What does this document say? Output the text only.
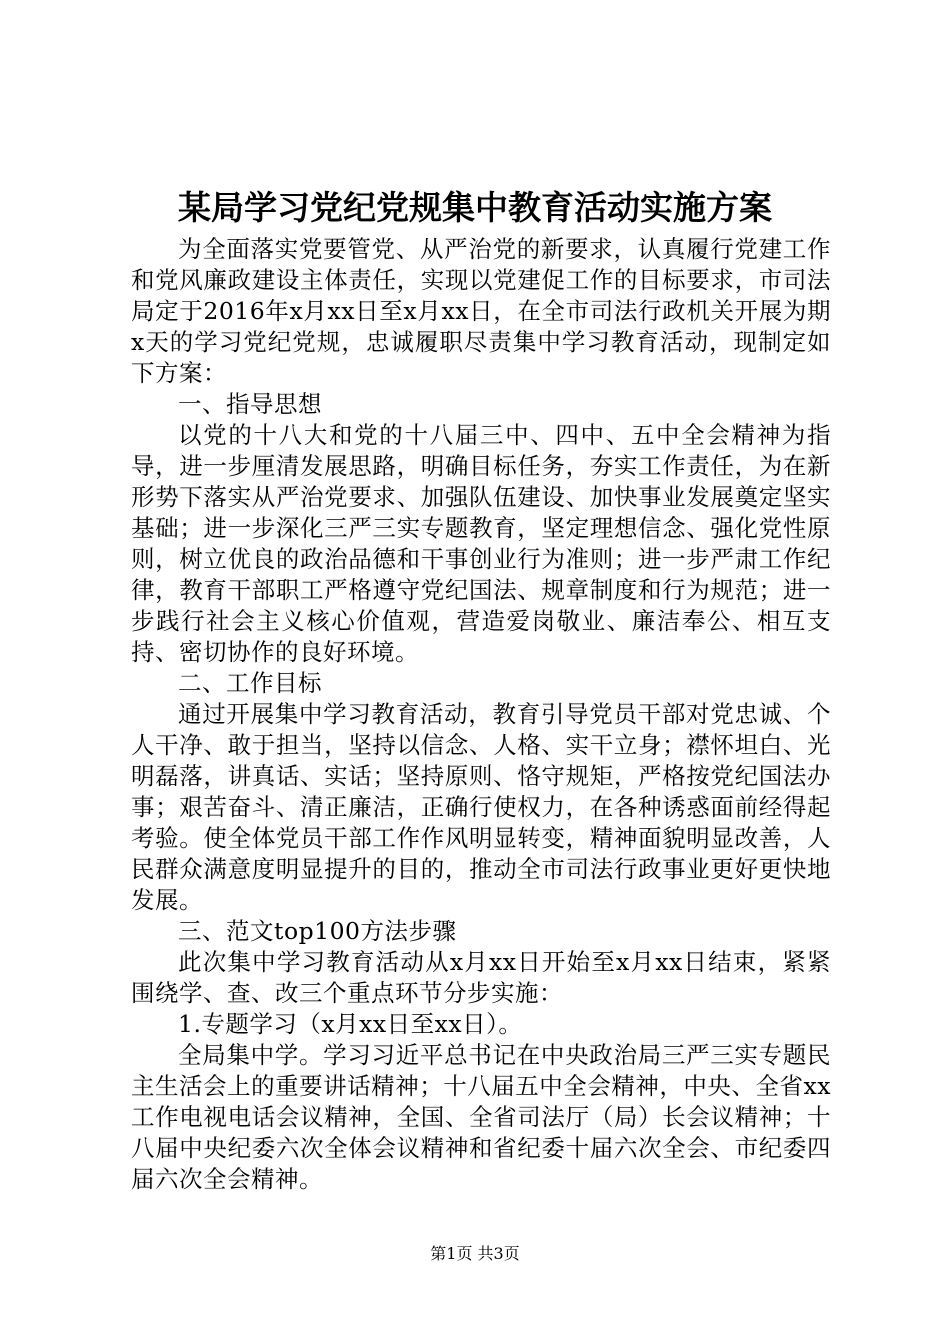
某局学习党纪党规集中教育活动实施方案

为全面落实党要管党、从严治党的新要求，认真履行党建工作和党风廉政建设主体责任，实现以党建促工作的目标要求，市司法局定于2016年x月xx日至x月xx日，在全市司法行政机关开展为期x天的学习党纪党规，忠诚履职尽责集中学习教育活动，现制定如下方案：

一、指导思想

以党的十八大和党的十八届三中、四中、五中全会精神为指导，进一步厘清发展思路，明确目标任务，夯实工作责任，为在新形势下落实从严治党要求、加强队伍建设、加快事业发展奠定坚实基础；进一步深化三严三实专题教育，坚定理想信念、强化党性原则，树立优良的政治品德和干事创业行为准则；进一步严肃工作纪律，教育干部职工严格遵守党纪国法、规章制度和行为规范；进一步践行社会主义核心价值观，营造爱岗敬业、廉洁奉公、相互支持、密切协作的良好环境。

二、工作目标

通过开展集中学习教育活动，教育引导党员干部对党忠诚、个人干净、敢于担当，坚持以信念、人格、实干立身；襟怀坦白、光明磊落，讲真话、实话；坚持原则、恪守规矩，严格按党纪国法办事；艰苦奋斗、清正廉洁，正确行使权力，在各种诱惑面前经得起考验。使全体党员干部工作作风明显转变，精神面貌明显改善，人民群众满意度明显提升的目的，推动全市司法行政事业更好更快地发展。

三、范文top100方法步骤

此次集中学习教育活动从x月xx日开始至x月xx日结束，紧紧围绕学、查、改三个重点环节分步实施：

1.专题学习（x月xx日至xx日）。

全局集中学。学习习近平总书记在中央政治局三严三实专题民主生活会上的重要讲话精神；十八届五中全会精神，中央、全省xx工作电视电话会议精神，全国、全省司法厅（局）长会议精神；十八届中央纪委六次全体会议精神和省纪委十届六次全会、市纪委四届六次全会精神。

第1页 共3页
